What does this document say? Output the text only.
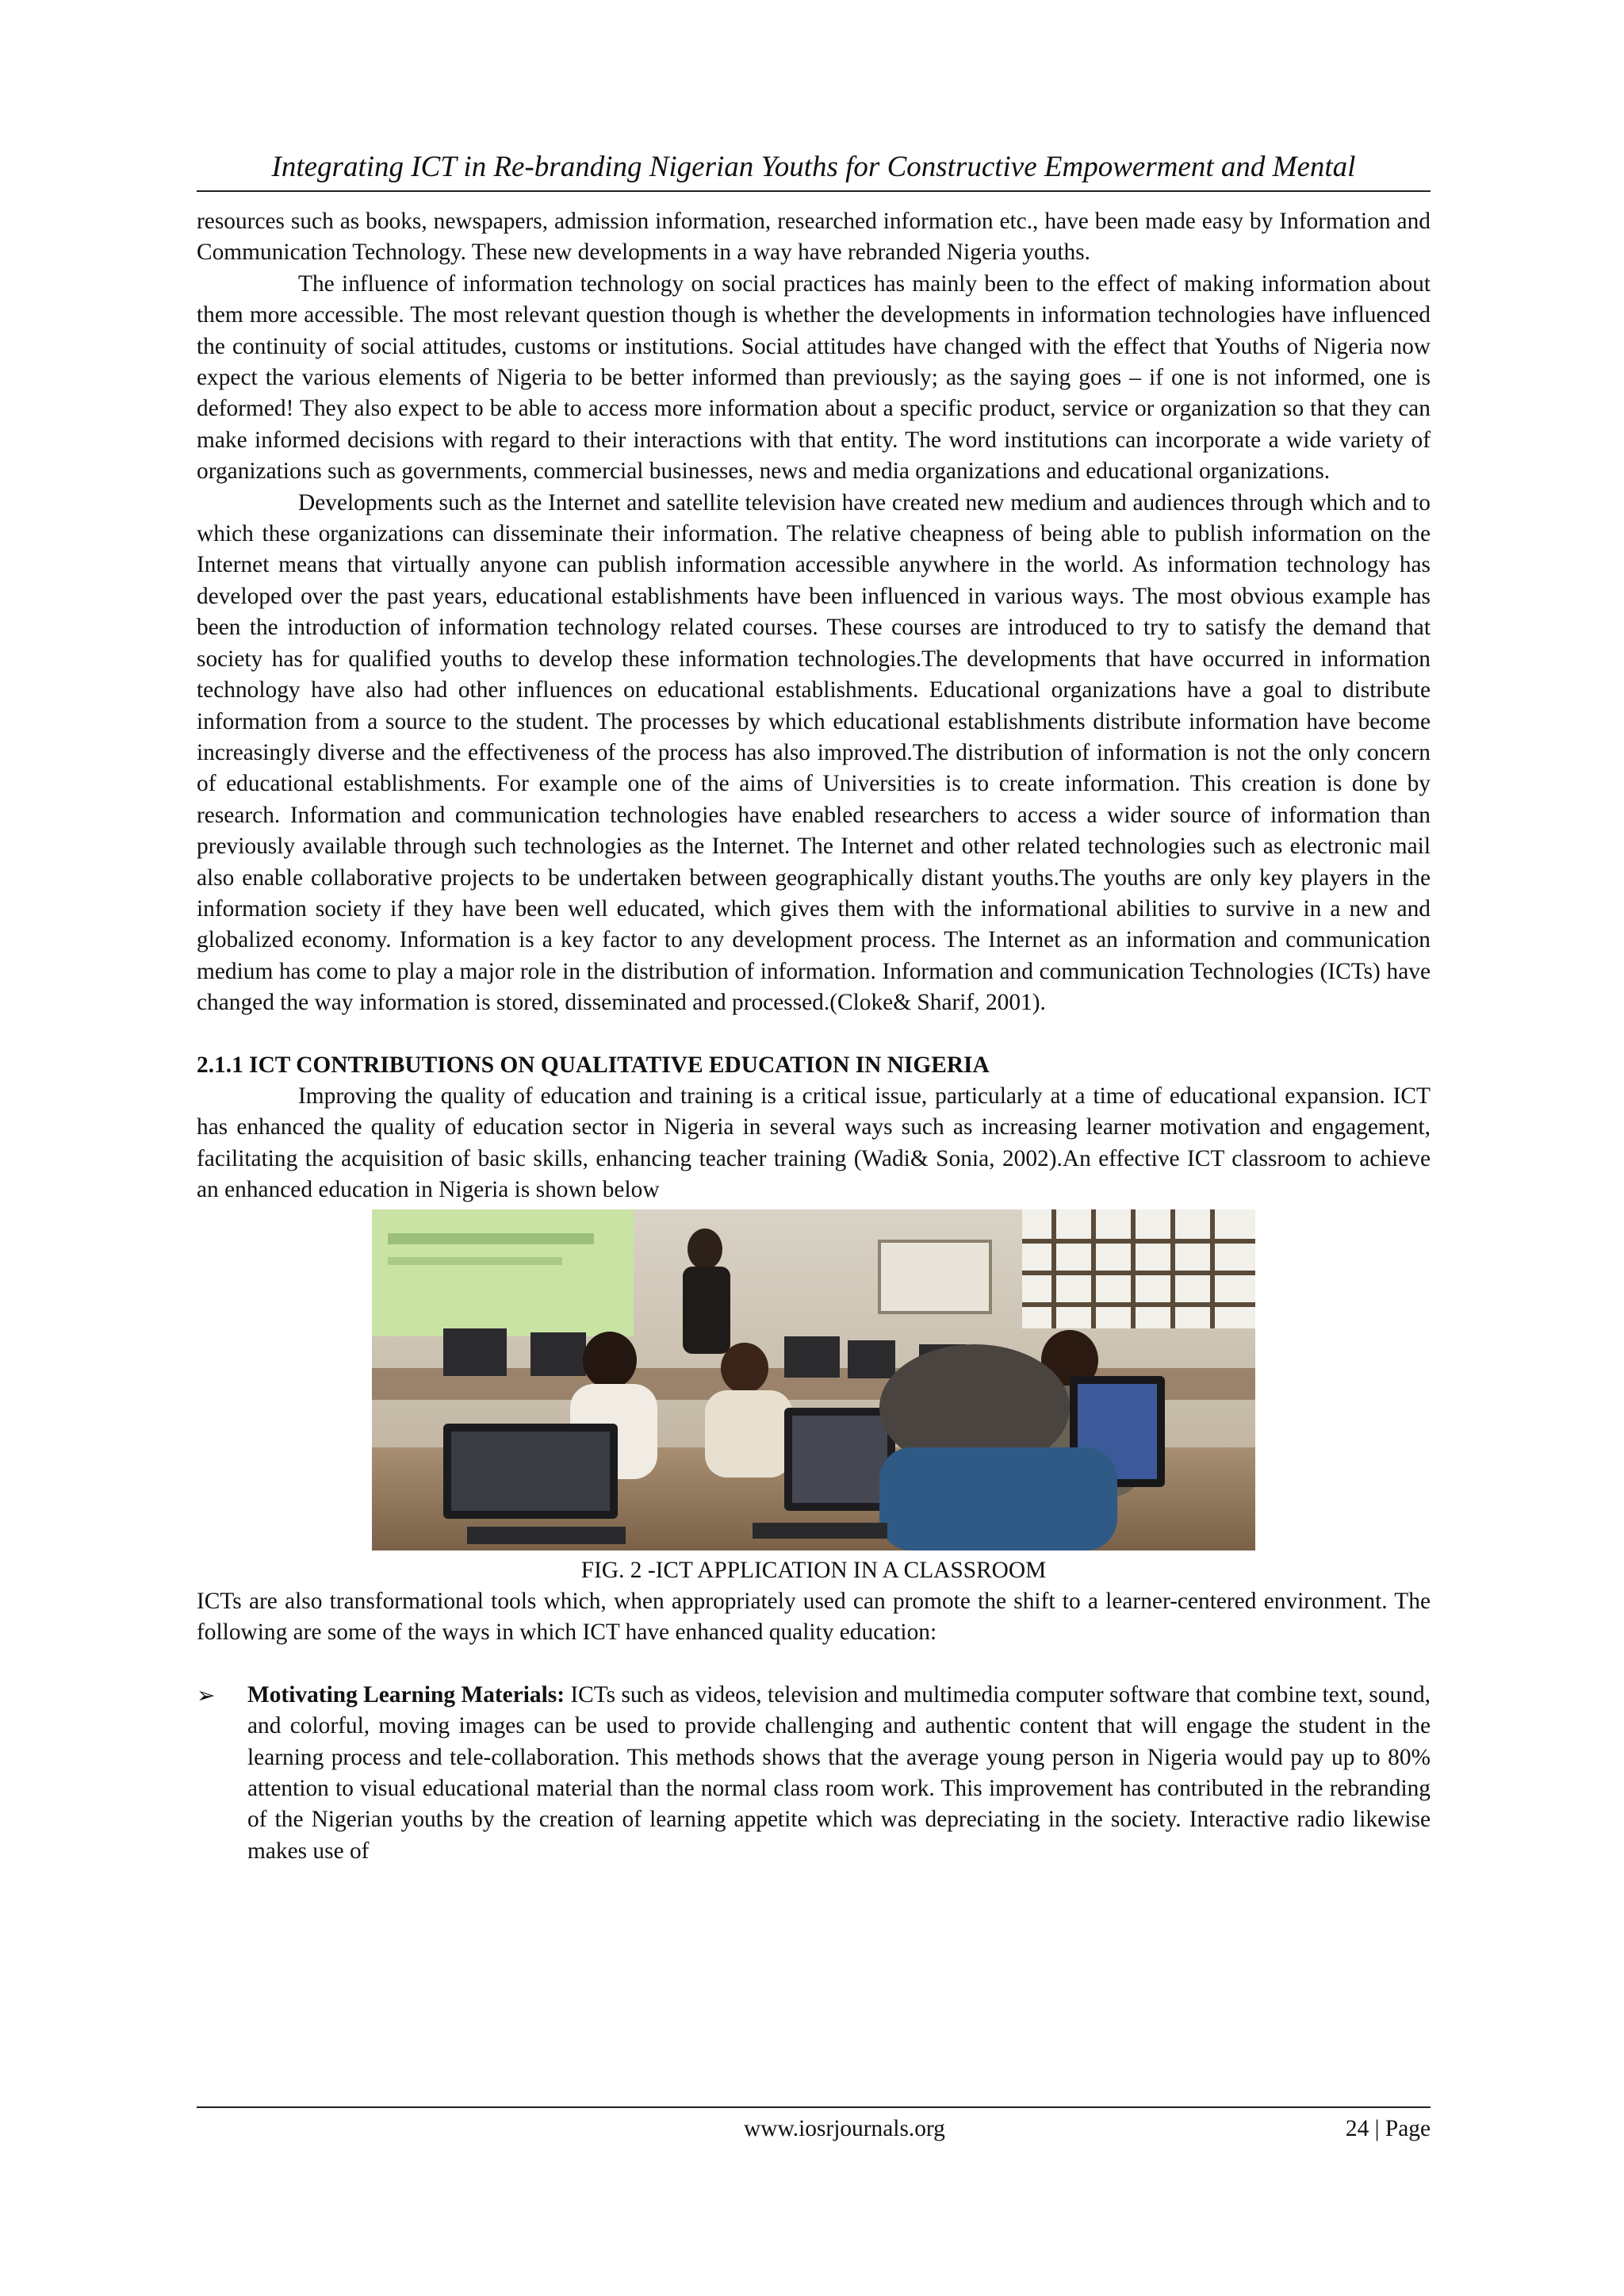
Integrating ICT in Re-branding Nigerian Youths for Constructive Empowerment and Mental

resources such as books, newspapers, admission information, researched information etc., have been made easy by Information and Communication Technology. These new developments in a way have rebranded Nigeria youths.

The influence of information technology on social practices has mainly been to the effect of making information about them more accessible. The most relevant question though is whether the developments in information technologies have influenced the continuity of social attitudes, customs or institutions. Social attitudes have changed with the effect that Youths of Nigeria now expect the various elements of Nigeria to be better informed than previously; as the saying goes – if one is not informed, one is deformed! They also expect to be able to access more information about a specific product, service or organization so that they can make informed decisions with regard to their interactions with that entity. The word institutions can incorporate a wide variety of organizations such as governments, commercial businesses, news and media organizations and educational organizations.

Developments such as the Internet and satellite television have created new medium and audiences through which and to which these organizations can disseminate their information. The relative cheapness of being able to publish information on the Internet means that virtually anyone can publish information accessible anywhere in the world. As information technology has developed over the past years, educational establishments have been influenced in various ways. The most obvious example has been the introduction of information technology related courses. These courses are introduced to try to satisfy the demand that society has for qualified youths to develop these information technologies.The developments that have occurred in information technology have also had other influences on educational establishments. Educational organizations have a goal to distribute information from a source to the student. The processes by which educational establishments distribute information have become increasingly diverse and the effectiveness of the process has also improved.The distribution of information is not the only concern of educational establishments. For example one of the aims of Universities is to create information. This creation is done by research. Information and communication technologies have enabled researchers to access a wider source of information than previously available through such technologies as the Internet. The Internet and other related technologies such as electronic mail also enable collaborative projects to be undertaken between geographically distant youths.The youths are only key players in the information society if they have been well educated, which gives them with the informational abilities to survive in a new and globalized economy. Information is a key factor to any development process. The Internet as an information and communication medium has come to play a major role in the distribution of information. Information and communication Technologies (ICTs) have changed the way information is stored, disseminated and processed.(Cloke& Sharif, 2001).

2.1.1 ICT CONTRIBUTIONS ON QUALITATIVE EDUCATION IN NIGERIA

Improving the quality of education and training is a critical issue, particularly at a time of educational expansion. ICT has enhanced the quality of education sector in Nigeria in several ways such as increasing learner motivation and engagement, facilitating the acquisition of basic skills, enhancing teacher training (Wadi& Sonia, 2002).An effective ICT classroom to achieve an enhanced education in Nigeria is shown below

FIG. 2 -ICT APPLICATION IN A CLASSROOM

ICTs are also transformational tools which, when appropriately used can promote the shift to a learner-centered environment. The following are some of the ways in which ICT have enhanced quality education:

➢ Motivating Learning Materials: ICTs such as videos, television and multimedia computer software that combine text, sound, and colorful, moving images can be used to provide challenging and authentic content that will engage the student in the learning process and tele-collaboration. This methods shows that the average young person in Nigeria would pay up to 80% attention to visual educational material than the normal class room work. This improvement has contributed in the rebranding of the Nigerian youths by the creation of learning appetite which was depreciating in the society. Interactive radio likewise makes use of
www.iosrjournals.org	24 | Page
